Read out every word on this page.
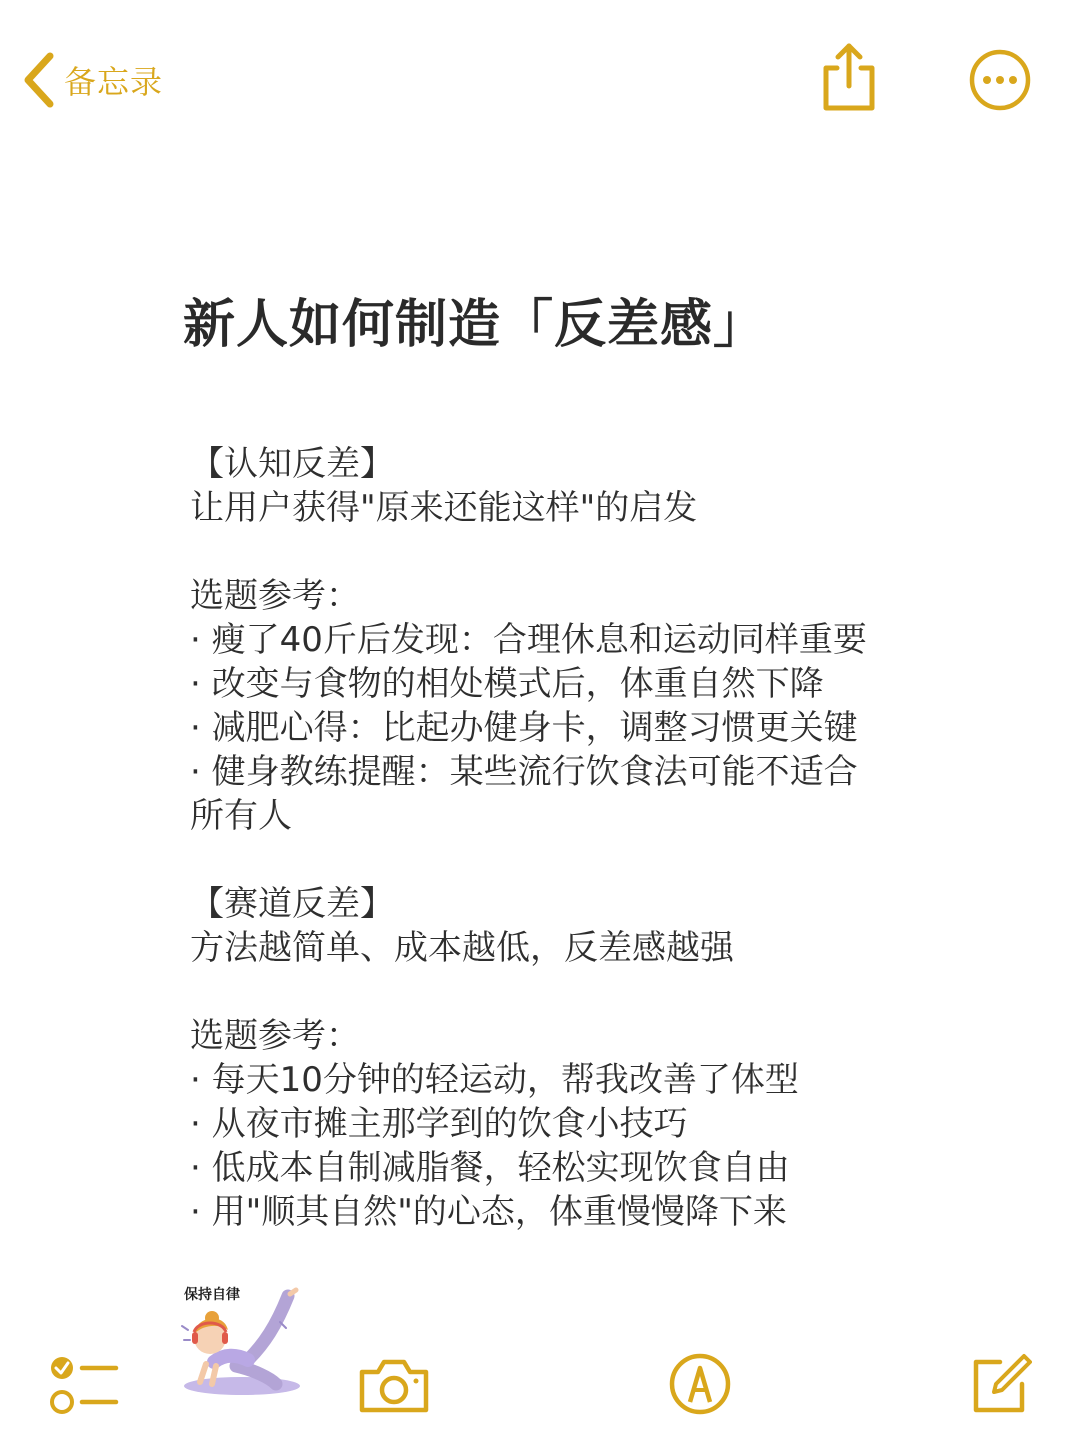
备忘录
新人如何制造「反差感」
【认知反差】
让用户获得"原来还能这样"的启发
选题参考：
· 瘦了40斤后发现：合理休息和运动同样重要
· 改变与食物的相处模式后，体重自然下降
· 减肥心得：比起办健身卡，调整习惯更关键
· 健身教练提醒：某些流行饮食法可能不适合
所有人
【赛道反差】
方法越简单、成本越低，反差感越强
选题参考：
· 每天10分钟的轻运动，帮我改善了体型
· 从夜市摊主那学到的饮食小技巧
· 低成本自制减脂餐，轻松实现饮食自由
· 用"顺其自然"的心态，体重慢慢降下来
保持自律
